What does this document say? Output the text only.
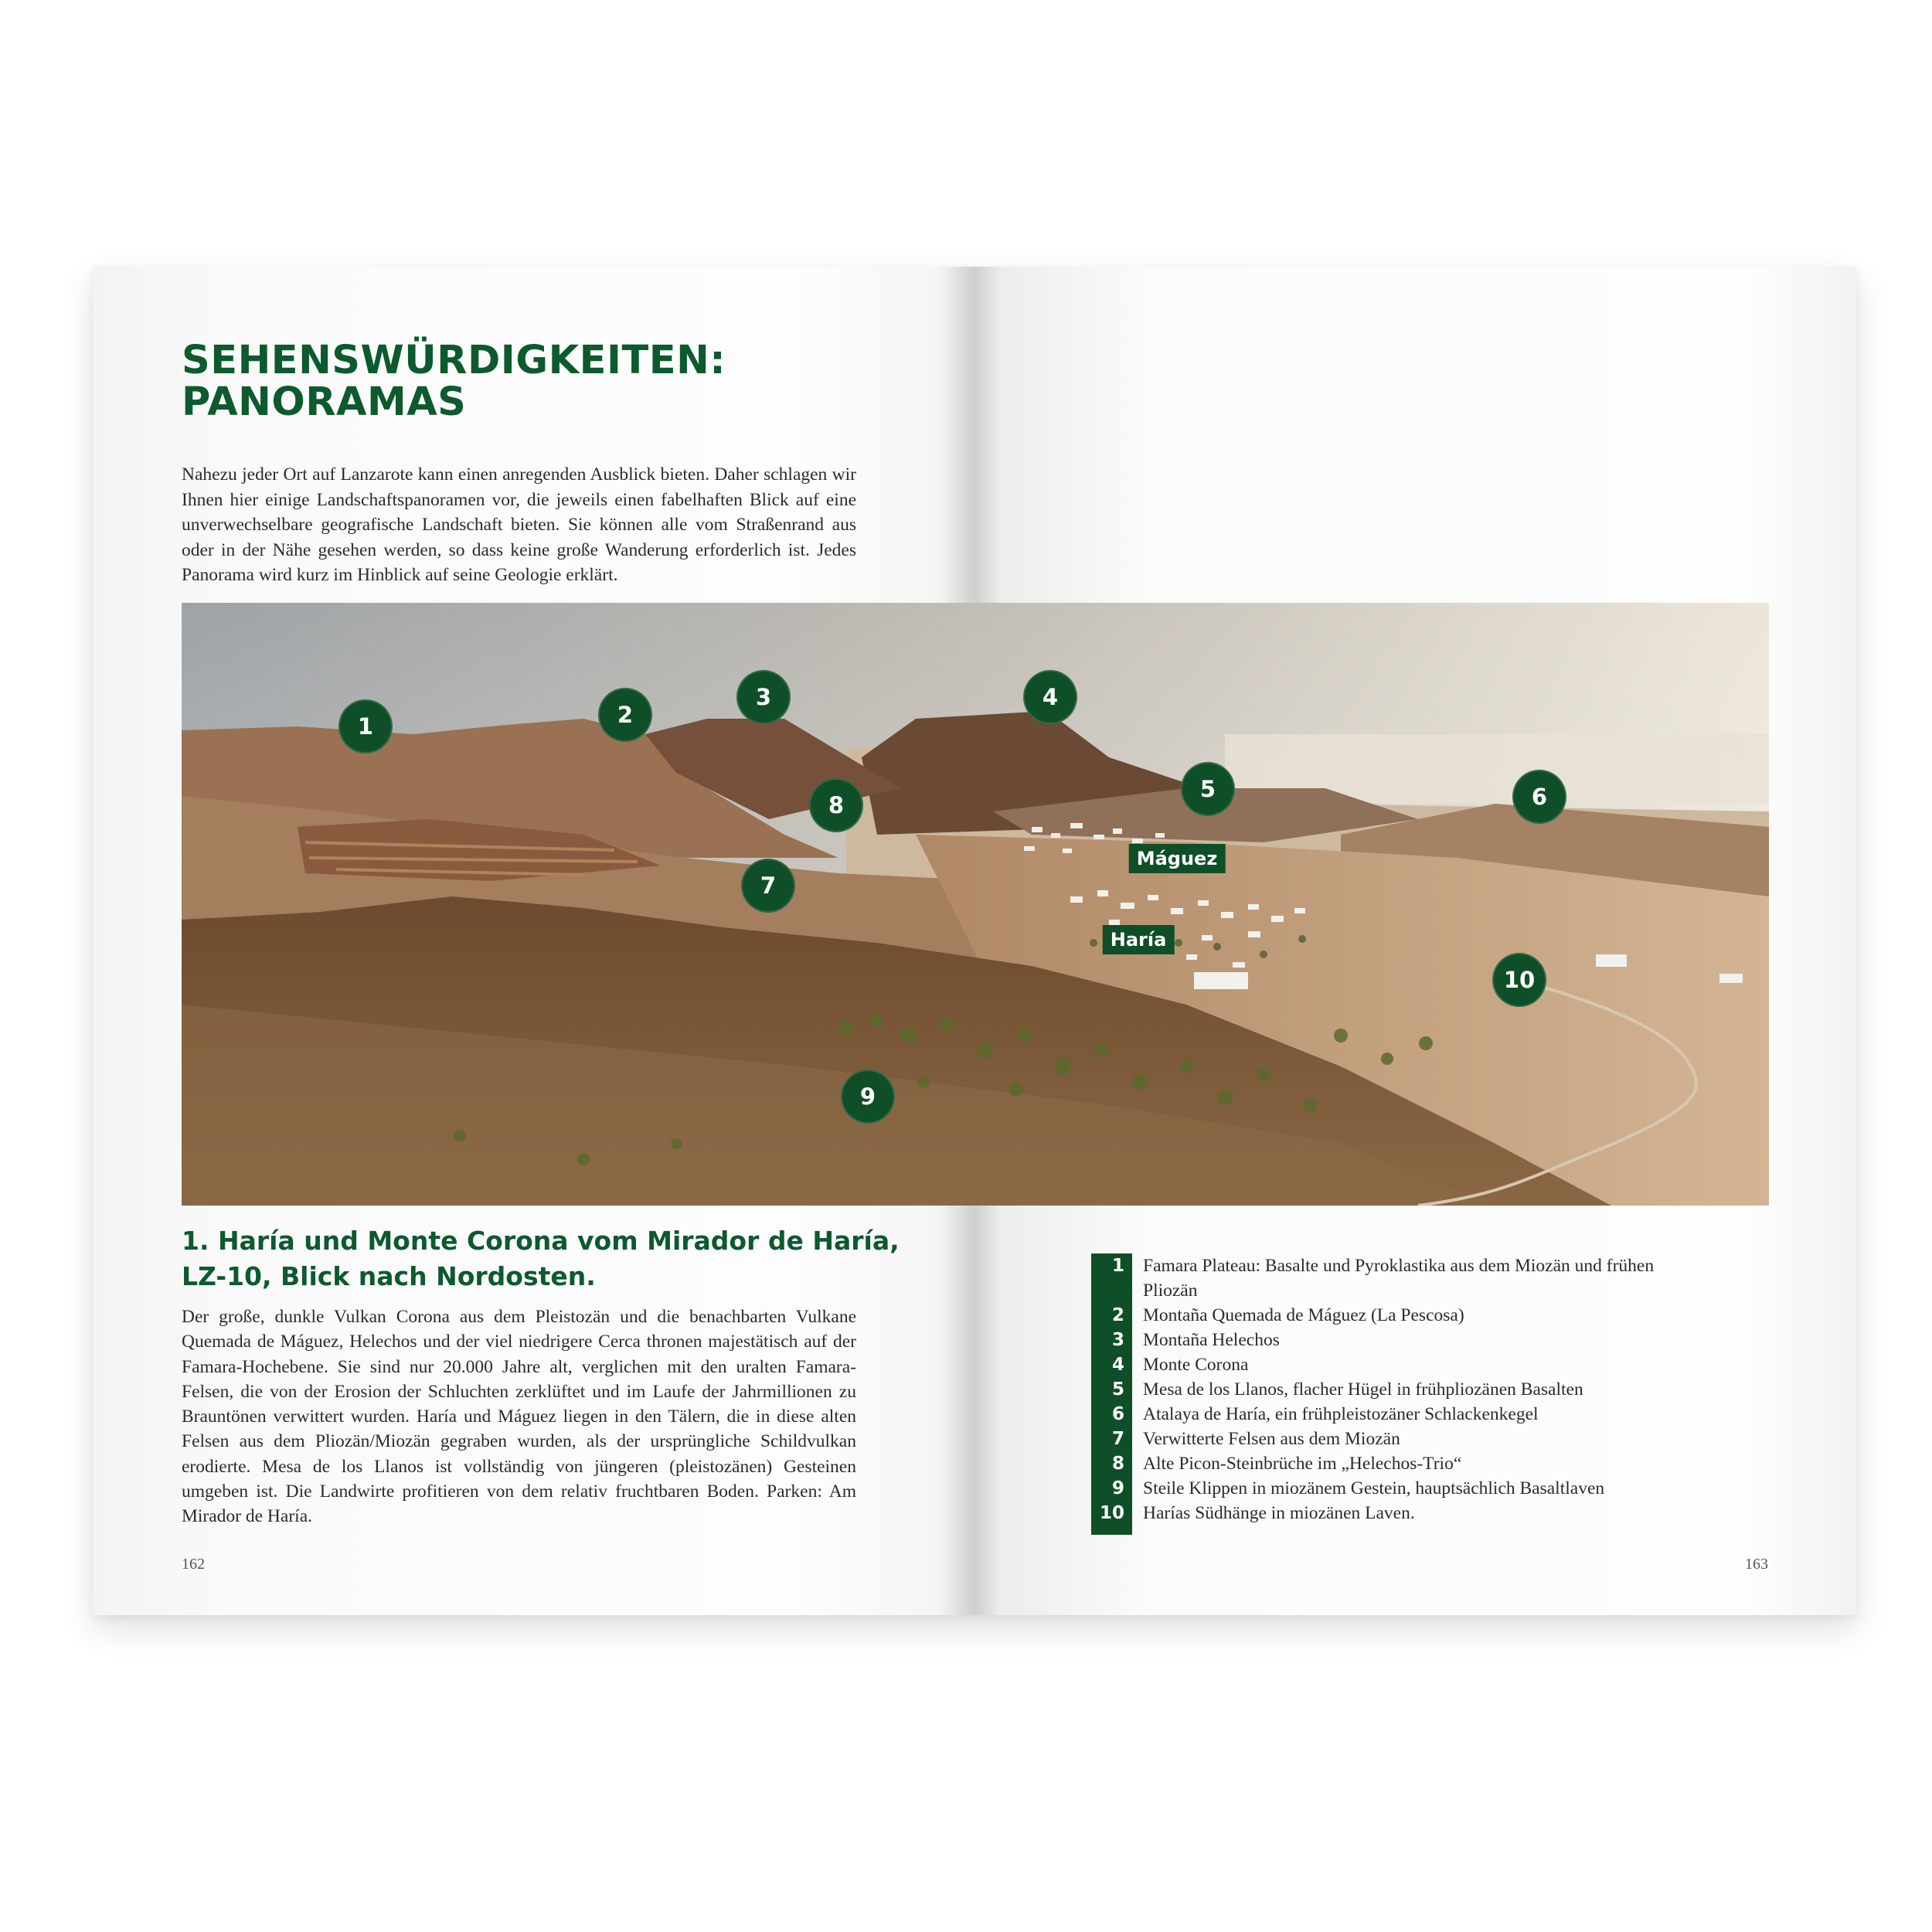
SEHENSWÜRDIGKEITEN:
PANORAMAS

Nahezu jeder Ort auf Lanzarote kann einen anregenden Ausblick bieten. Daher schlagen wir Ihnen hier einige Landschaftspanoramen vor, die jeweils einen fabelhaften Blick auf eine unverwechselbare geografische Landschaft bieten. Sie können alle vom Straßenrand aus oder in der Nähe gesehen werden, so dass keine große Wanderung erforderlich ist. Jedes Panorama wird kurz im Hinblick auf seine Geologie erklärt.

1	2
3	4
5	6
7
8
9
10
Máguez
Haría
1. Haría und Monte Corona vom Mirador de Haría,
LZ-10, Blick nach Nordosten.

Der große, dunkle Vulkan Corona aus dem Pleistozän und die benachbarten Vulkane Quemada de Máguez, Helechos und der viel niedrigere Cerca thronen majestätisch auf der Famara-Hochebene. Sie sind nur 20.000 Jahre alt, verglichen mit den uralten Famara-Felsen, die von der Erosion der Schluchten zerklüftet und im Laufe der Jahrmillionen zu Brauntönen verwittert wurden. Haría und Máguez liegen in den Tälern, die in diese alten Felsen aus dem Pliozän/Miozän gegraben wurden, als der ursprüngliche Schildvulkan erodierte. Mesa de los Llanos ist vollständig von jüngeren (pleistozänen) Gesteinen umgeben ist. Die Landwirte profitieren von dem relativ fruchtbaren Boden. Parken: Am Mirador de Haría.

1	Famara Plateau: Basalte und Pyroklastika aus dem Miozän und frühen Pliozän
2	Montaña Quemada de Máguez (La Pescosa)
3	Montaña Helechos
4	Monte Corona
5	Mesa de los Llanos, flacher Hügel in frühpliozänen Basalten
6	Atalaya de Haría, ein frühpleistozäner Schlackenkegel
7	Verwitterte Felsen aus dem Miozän
8	Alte Picon-Steinbrüche im „Helechos-Trio“
9	Steile Klippen in miozänem Gestein, hauptsächlich Basaltlaven
10	Harías Südhänge in miozänen Laven.
162	163
